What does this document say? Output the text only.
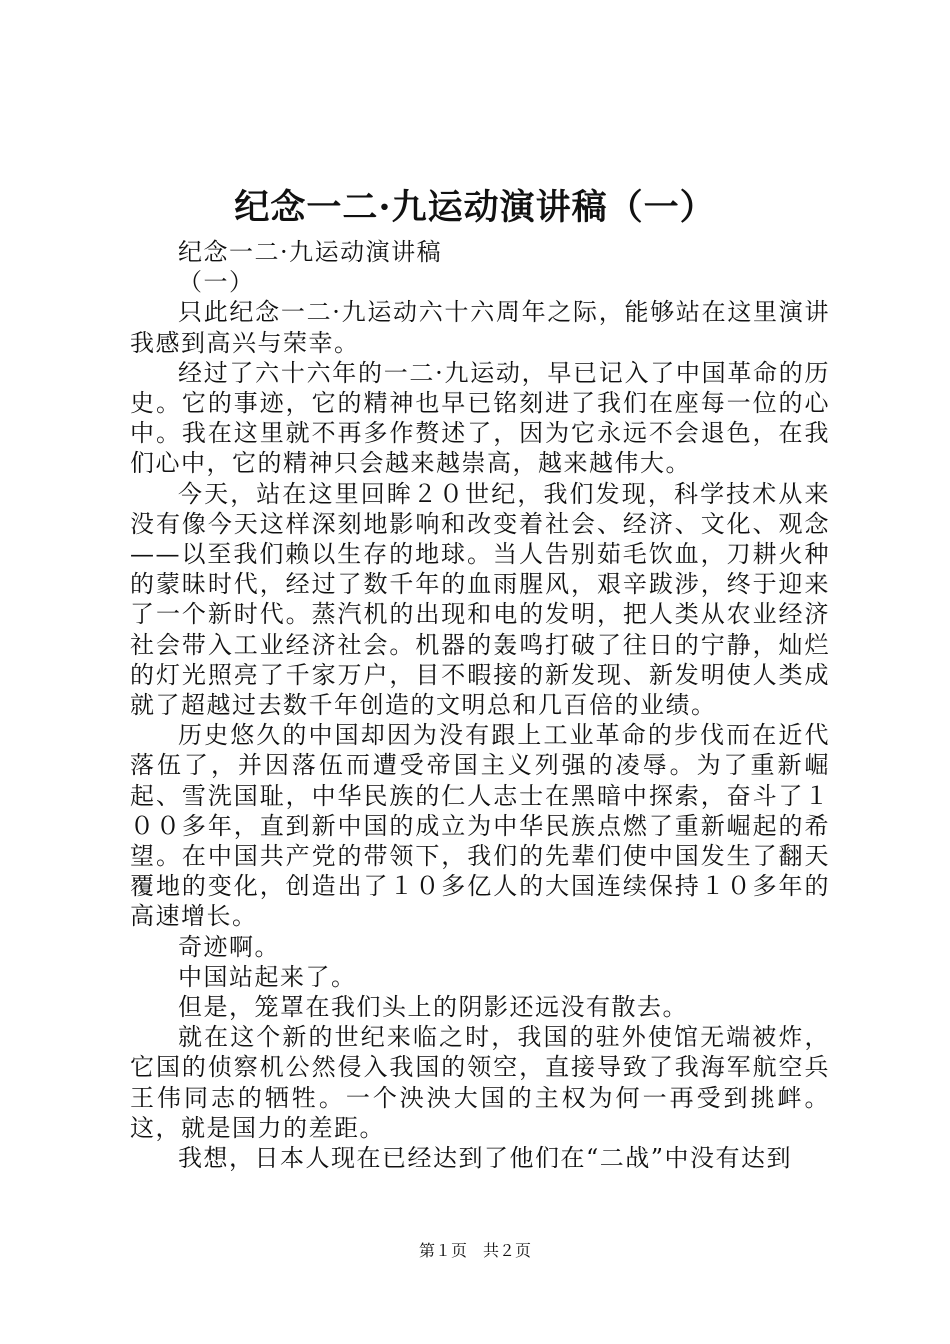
纪念一二·九运动演讲稿（一）

纪念一二·九运动演讲稿

（一）

只此纪念一二·九运动六十六周年之际，能够站在这里演讲我感到高兴与荣幸。

经过了六十六年的一二·九运动，早已记入了中国革命的历史。它的事迹，它的精神也早已铭刻进了我们在座每一位的心中。我在这里就不再多作赘述了，因为它永远不会退色，在我们心中，它的精神只会越来越崇高，越来越伟大。

今天，站在这里回眸２０世纪，我们发现，科学技术从来没有像今天这样深刻地影响和改变着社会、经济、文化、观念——以至我们赖以生存的地球。当人告别茹毛饮血，刀耕火种的蒙昧时代，经过了数千年的血雨腥风，艰辛跋涉，终于迎来了一个新时代。蒸汽机的出现和电的发明，把人类从农业经济社会带入工业经济社会。机器的轰鸣打破了往日的宁静，灿烂的灯光照亮了千家万户，目不暇接的新发现、新发明使人类成就了超越过去数千年创造的文明总和几百倍的业绩。

历史悠久的中国却因为没有跟上工业革命的步伐而在近代落伍了，并因落伍而遭受帝国主义列强的凌辱。为了重新崛起、雪洗国耻，中华民族的仁人志士在黑暗中探索，奋斗了１００多年，直到新中国的成立为中华民族点燃了重新崛起的希望。在中国共产党的带领下，我们的先辈们使中国发生了翻天覆地的变化，创造出了１０多亿人的大国连续保持１０多年的高速增长。

奇迹啊。

中国站起来了。

但是，笼罩在我们头上的阴影还远没有散去。

就在这个新的世纪来临之时，我国的驻外使馆无端被炸，它国的侦察机公然侵入我国的领空，直接导致了我海军航空兵王伟同志的牺牲。一个泱泱大国的主权为何一再受到挑衅。这，就是国力的差距。

我想，日本人现在已经达到了他们在“二战”中没有达到

第１页　共２页
